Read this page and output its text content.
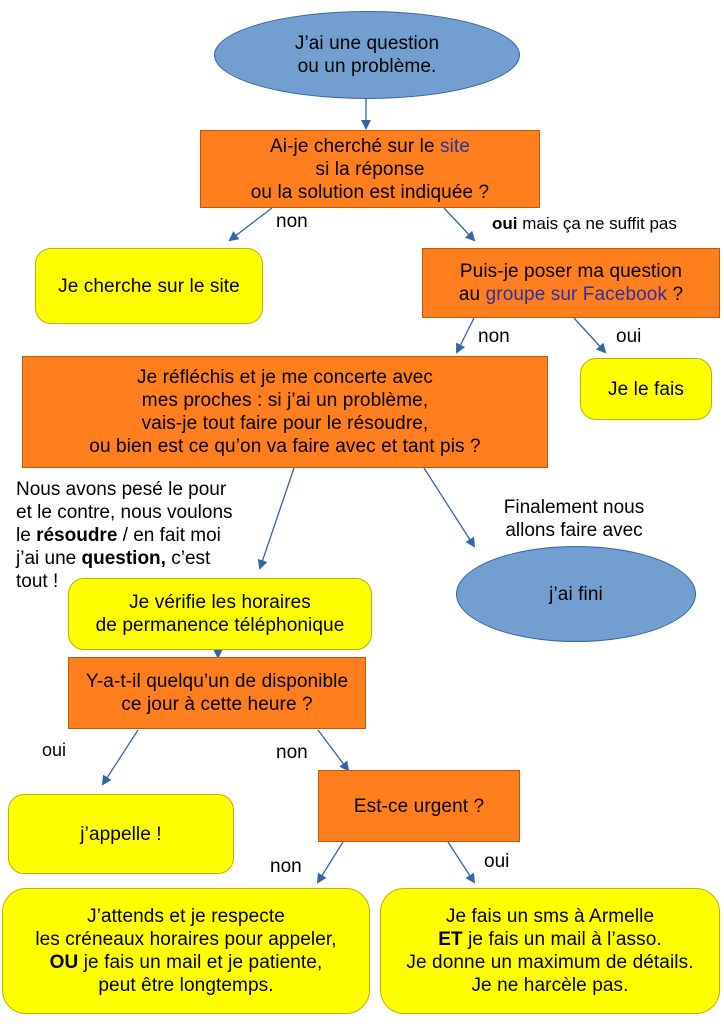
J’ai une question
ou un problème.
Ai-je cherché sur le site
si la réponse
ou la solution est indiquée ?
non	oui mais ça ne suffit pas
Je cherche sur le site
Puis-je poser ma question
au groupe sur Facebook ?
non	oui
Je réfléchis et je me concerte avec
mes proches : si j’ai un problème,
vais-je tout faire pour le résoudre,
ou bien est ce qu’on va faire avec et tant pis ?
Je le fais
Nous avons pesé le pour
et le contre, nous voulons
le résoudre / en fait moi
j’ai une question, c’est
tout !
Finalement nous
allons faire avec
Je vérifie les horaires
de permanence téléphonique
j’ai fini
Y-a-t-il quelqu’un de disponible
ce jour à cette heure ?
oui	non
j’appelle !
Est-ce urgent ?
non	oui
J’attends et je respecte
les créneaux horaires pour appeler,
OU je fais un mail et je patiente,
peut être longtemps.
Je fais un sms à Armelle
ET je fais un mail à l’asso.
Je donne un maximum de détails.
Je ne harcèle pas.
